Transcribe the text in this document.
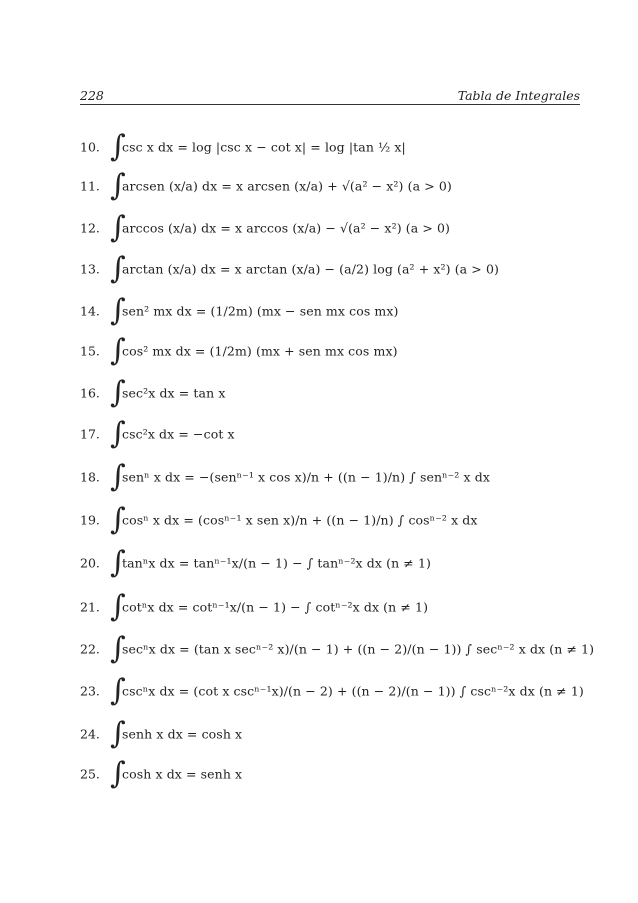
228	Tabla de Integrales
10. ∫
csc x dx = log |csc x − cot x| = log |tan ½ x|
11. ∫
arcsen (x/a) dx = x arcsen (x/a) + √(a² − x²) (a > 0)
12. ∫
arccos (x/a) dx = x arccos (x/a) − √(a² − x²) (a > 0)
13. ∫
arctan (x/a) dx = x arctan (x/a) − (a/2) log (a² + x²) (a > 0)
14. ∫
sen² mx dx = (1/2m) (mx − sen mx cos mx)
15. ∫
cos² mx dx = (1/2m) (mx + sen mx cos mx)
16. ∫
sec²x dx = tan x
17. ∫
csc²x dx = −cot x
18. ∫
senⁿ x dx = −(senⁿ⁻¹ x cos x)/n + ((n − 1)/n) ∫ senⁿ⁻² x dx
19. ∫
cosⁿ x dx = (cosⁿ⁻¹ x sen x)/n + ((n − 1)/n) ∫ cosⁿ⁻² x dx
20. ∫
tanⁿx dx = tanⁿ⁻¹x/(n − 1) − ∫ tanⁿ⁻²x dx (n ≠ 1)
21. ∫
cotⁿx dx = cotⁿ⁻¹x/(n − 1) − ∫ cotⁿ⁻²x dx (n ≠ 1)
22. ∫
secⁿx dx = (tan x secⁿ⁻² x)/(n − 1) + ((n − 2)/(n − 1)) ∫ secⁿ⁻² x dx (n ≠ 1)
23. ∫
cscⁿx dx = (cot x cscⁿ⁻¹x)/(n − 2) + ((n − 2)/(n − 1)) ∫ cscⁿ⁻²x dx (n ≠ 1)
24. ∫
senh x dx = cosh x
25. ∫
cosh x dx = senh x
